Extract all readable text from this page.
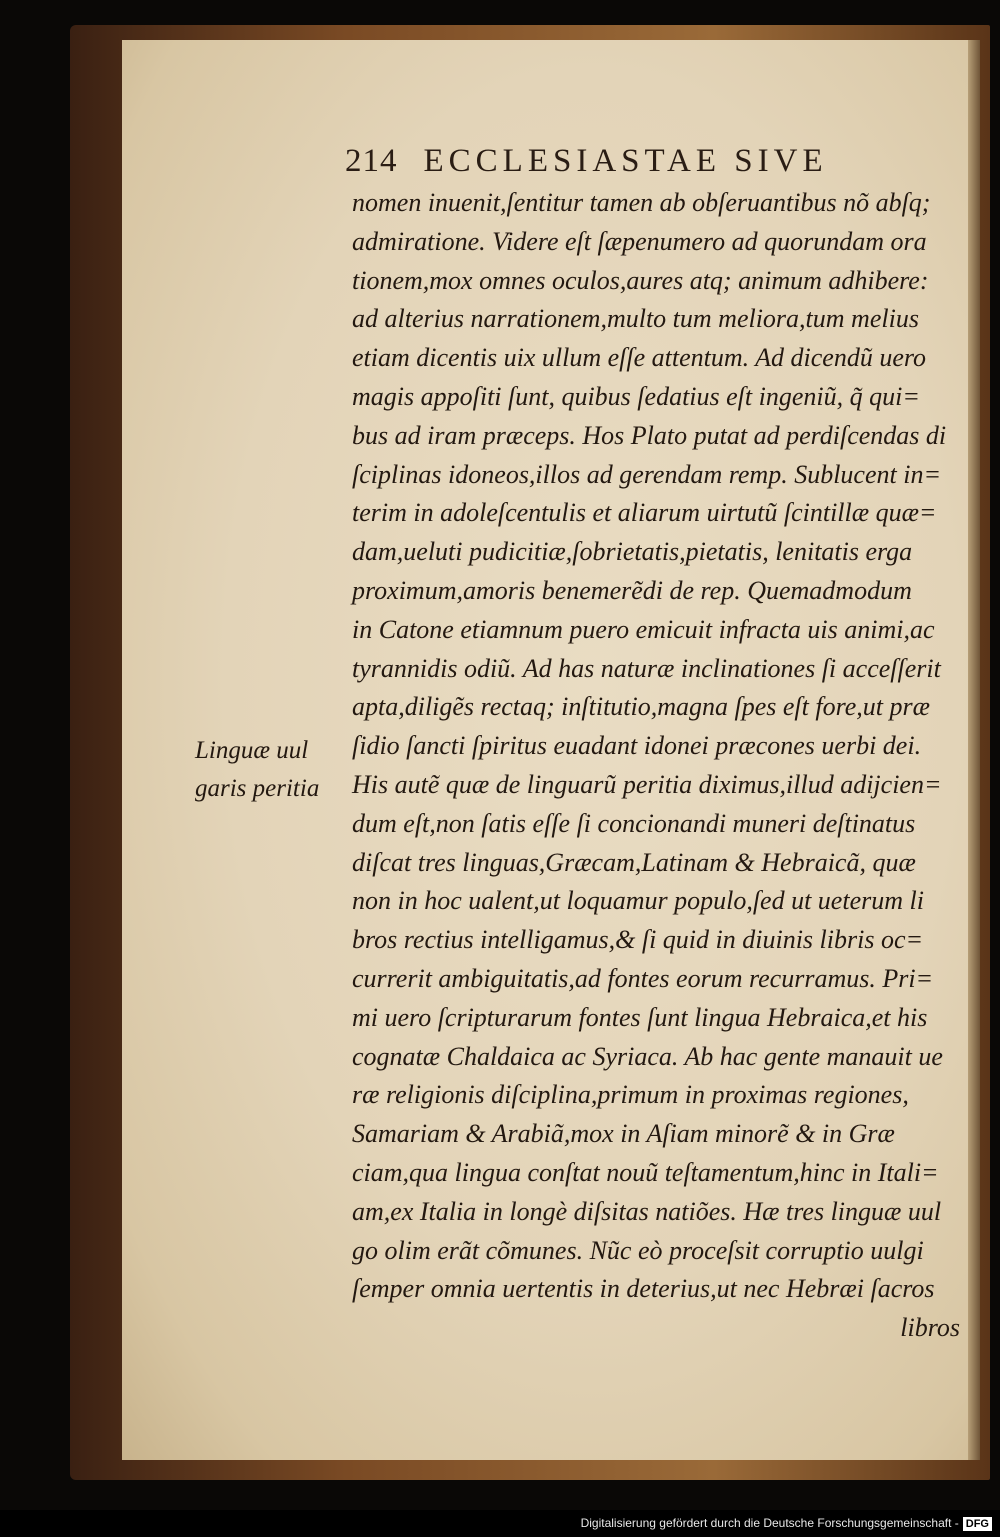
214 ECCLESIASTAE SIVE
nomen inuenit,ſentitur tamen ab obſeruantibus nõ abſq;
admiratione. Videre eſt ſæpenumero ad quorundam ora
tionem,mox omnes oculos,aures atq; animum adhibere:
ad alterius narrationem,multo tum meliora,tum melius
etiam dicentis uix ullum eſſe attentum. Ad dicendũ uero
magis appoſiti ſunt, quibus ſedatius eſt ingeniũ, q̃ qui=
bus ad iram præceps. Hos Plato putat ad perdiſcendas di
ſciplinas idoneos,illos ad gerendam remp. Sublucent in=
terim in adoleſcentulis et aliarum uirtutũ ſcintillæ quæ=
dam,ueluti pudicitiæ,ſobrietatis,pietatis, lenitatis erga
proximum,amoris benemerẽdi de rep. Quemadmodum
in Catone etiamnum puero emicuit infracta uis animi,ac
tyrannidis odiũ. Ad has naturæ inclinationes ſi acceſſerit
apta,diligẽs rectaq; inſtitutio,magna ſpes eſt fore,ut præ
ſidio ſancti ſpiritus euadant idonei præcones uerbi dei.
His autẽ quæ de linguarũ peritia diximus,illud adijcien=
dum eſt,non ſatis eſſe ſi concionandi muneri deſtinatus
diſcat tres linguas,Græcam,Latinam & Hebraicã, quæ
non in hoc ualent,ut loquamur populo,ſed ut ueterum li
bros rectius intelligamus,& ſi quid in diuinis libris oc=
currerit ambiguitatis,ad fontes eorum recurramus. Pri=
mi uero ſcripturarum fontes ſunt lingua Hebraica,et his
cognatæ Chaldaica ac Syriaca. Ab hac gente manauit ue
ræ religionis diſciplina,primum in proximas regiones,
Samariam & Arabiã,mox in Aſiam minorẽ & in Græ
ciam,qua lingua conſtat nouũ teſtamentum,hinc in Itali=
am,ex Italia in longè diſsitas natiões. Hæ tres linguæ uul
go olim erãt cõmunes. Nũc eò proceſsit corruptio uulgi
ſemper omnia uertentis in deterius,ut nec Hebræi ſacros
libros
Linguæ uul
garis peritia
Digitalisierung gefördert durch die Deutsche Forschungsgemeinschaft - DFG
